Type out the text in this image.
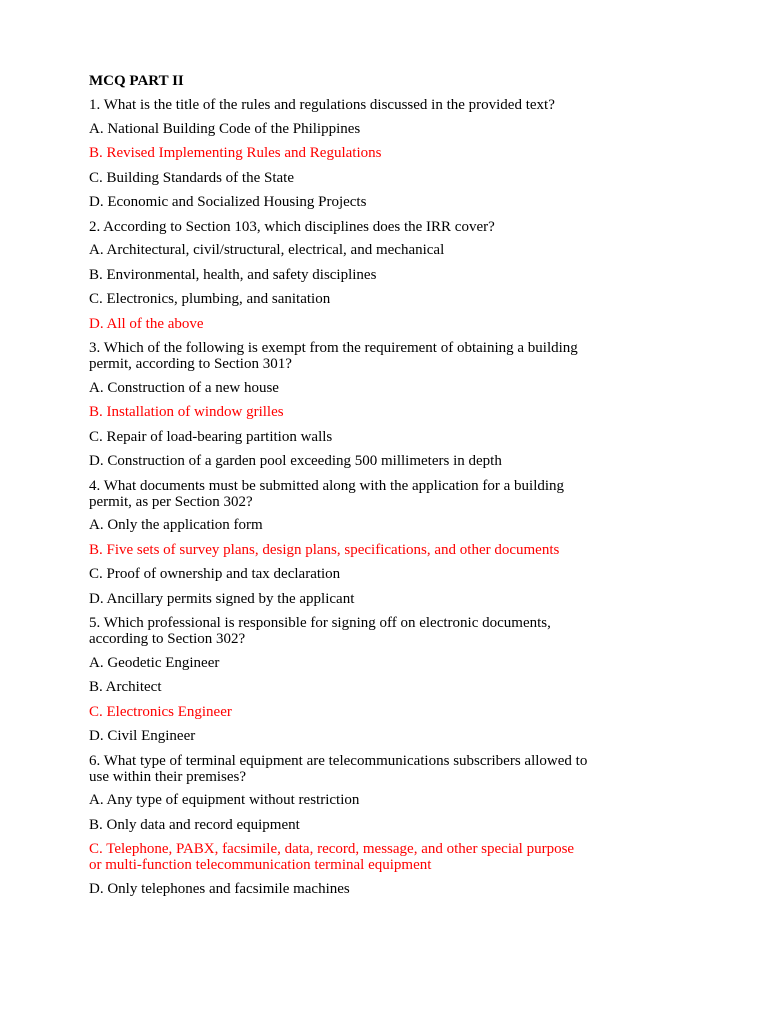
MCQ PART II
1. What is the title of the rules and regulations discussed in the provided text?
A. National Building Code of the Philippines
B. Revised Implementing Rules and Regulations
C. Building Standards of the State
D. Economic and Socialized Housing Projects
2. According to Section 103, which disciplines does the IRR cover?
A. Architectural, civil/structural, electrical, and mechanical
B. Environmental, health, and safety disciplines
C. Electronics, plumbing, and sanitation
D. All of the above
3. Which of the following is exempt from the requirement of obtaining a building
permit, according to Section 301?
A. Construction of a new house
B. Installation of window grilles
C. Repair of load-bearing partition walls
D. Construction of a garden pool exceeding 500 millimeters in depth
4. What documents must be submitted along with the application for a building
permit, as per Section 302?
A. Only the application form
B. Five sets of survey plans, design plans, specifications, and other documents
C. Proof of ownership and tax declaration
D. Ancillary permits signed by the applicant
5. Which professional is responsible for signing off on electronic documents,
according to Section 302?
A. Geodetic Engineer
B. Architect
C. Electronics Engineer
D. Civil Engineer
6. What type of terminal equipment are telecommunications subscribers allowed to
use within their premises?
A. Any type of equipment without restriction
B. Only data and record equipment
C. Telephone, PABX, facsimile, data, record, message, and other special purpose
or multi-function telecommunication terminal equipment
D. Only telephones and facsimile machines
